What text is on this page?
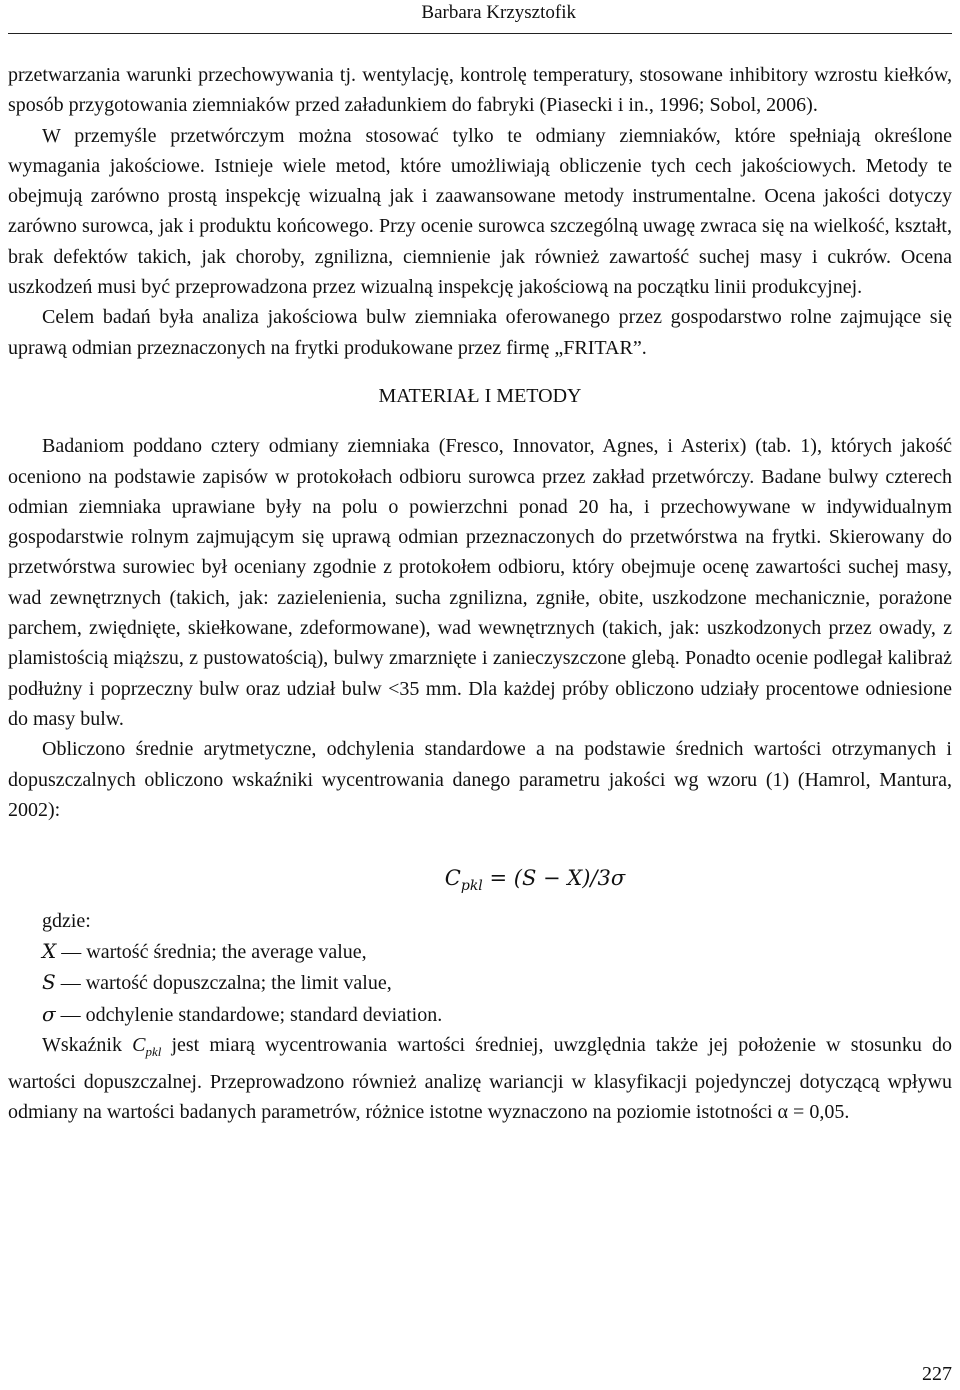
Barbara Krzysztofik

przetwarzania warunki przechowywania tj. wentylację, kontrolę temperatury, stosowane inhibitory wzrostu kiełków, sposób przygotowania ziemniaków przed załadunkiem do fabryki (Piasecki i in., 1996; Sobol, 2006).

W przemyśle przetwórczym można stosować tylko te odmiany ziemniaków, które spełniają określone wymagania jakościowe. Istnieje wiele metod, które umożliwiają obliczenie tych cech jakościowych. Metody te obejmują zarówno prostą inspekcję wizualną jak i zaawansowane metody instrumentalne. Ocena jakości dotyczy zarówno surowca, jak i produktu końcowego. Przy ocenie surowca szczególną uwagę zwraca się na wielkość, kształt, brak defektów takich, jak choroby, zgnilizna, ciemnienie jak również zawartość suchej masy i cukrów. Ocena uszkodzeń musi być przeprowadzona przez wizualną inspekcję jakościową na początku linii produkcyjnej.

Celem badań była analiza jakościowa bulw ziemniaka oferowanego przez gospodarstwo rolne zajmujące się uprawą odmian przeznaczonych na frytki produkowane przez firmę „FRITAR”.

MATERIAŁ I METODY

Badaniom poddano cztery odmiany ziemniaka (Fresco, Innovator, Agnes, i Asterix) (tab. 1), których jakość oceniono na podstawie zapisów w protokołach odbioru surowca przez zakład przetwórczy. Badane bulwy czterech odmian ziemniaka uprawiane były na polu o powierzchni ponad 20 ha, i przechowywane w indywidualnym gospodarstwie rolnym zajmującym się uprawą odmian przeznaczonych do przetwórstwa na frytki. Skierowany do przetwórstwa surowiec był oceniany zgodnie z protokołem odbioru, który obejmuje ocenę zawartości suchej masy, wad zewnętrznych (takich, jak: zazielenienia, sucha zgnilizna, zgniłe, obite, uszkodzone mechanicznie, porażone parchem, zwiędnięte, skiełkowane, zdeformowane), wad wewnętrznych (takich, jak: uszkodzonych przez owady, z plamistością miąższu, z pustowatością), bulwy zmarznięte i zanieczyszczone glebą. Ponadto ocenie podlegał kalibraż podłużny i poprzeczny bulw oraz udział bulw <35 mm. Dla każdej próby obliczono udziały procentowe odniesione do masy bulw.

Obliczono średnie arytmetyczne, odchylenia standardowe a na podstawie średnich wartości otrzymanych i dopuszczalnych obliczono wskaźniki wycentrowania danego parametru jakości wg wzoru (1) (Hamrol, Mantura, 2002):

$C_{pkl} = (S - X)/3\sigma$
gdzie:
X — wartość średnia; the average value,
S — wartość dopuszczalna; the limit value,
σ — odchylenie standardowe; standard deviation.

Wskaźnik $C_{pkl}$ jest miarą wycentrowania wartości średniej, uwzględnia także jej położenie w stosunku do wartości dopuszczalnej. Przeprowadzono również analizę wariancji w klasyfikacji pojedynczej dotyczącą wpływu odmiany na wartości badanych parametrów, różnice istotne wyznaczono na poziomie istotności α = 0,05.

227
